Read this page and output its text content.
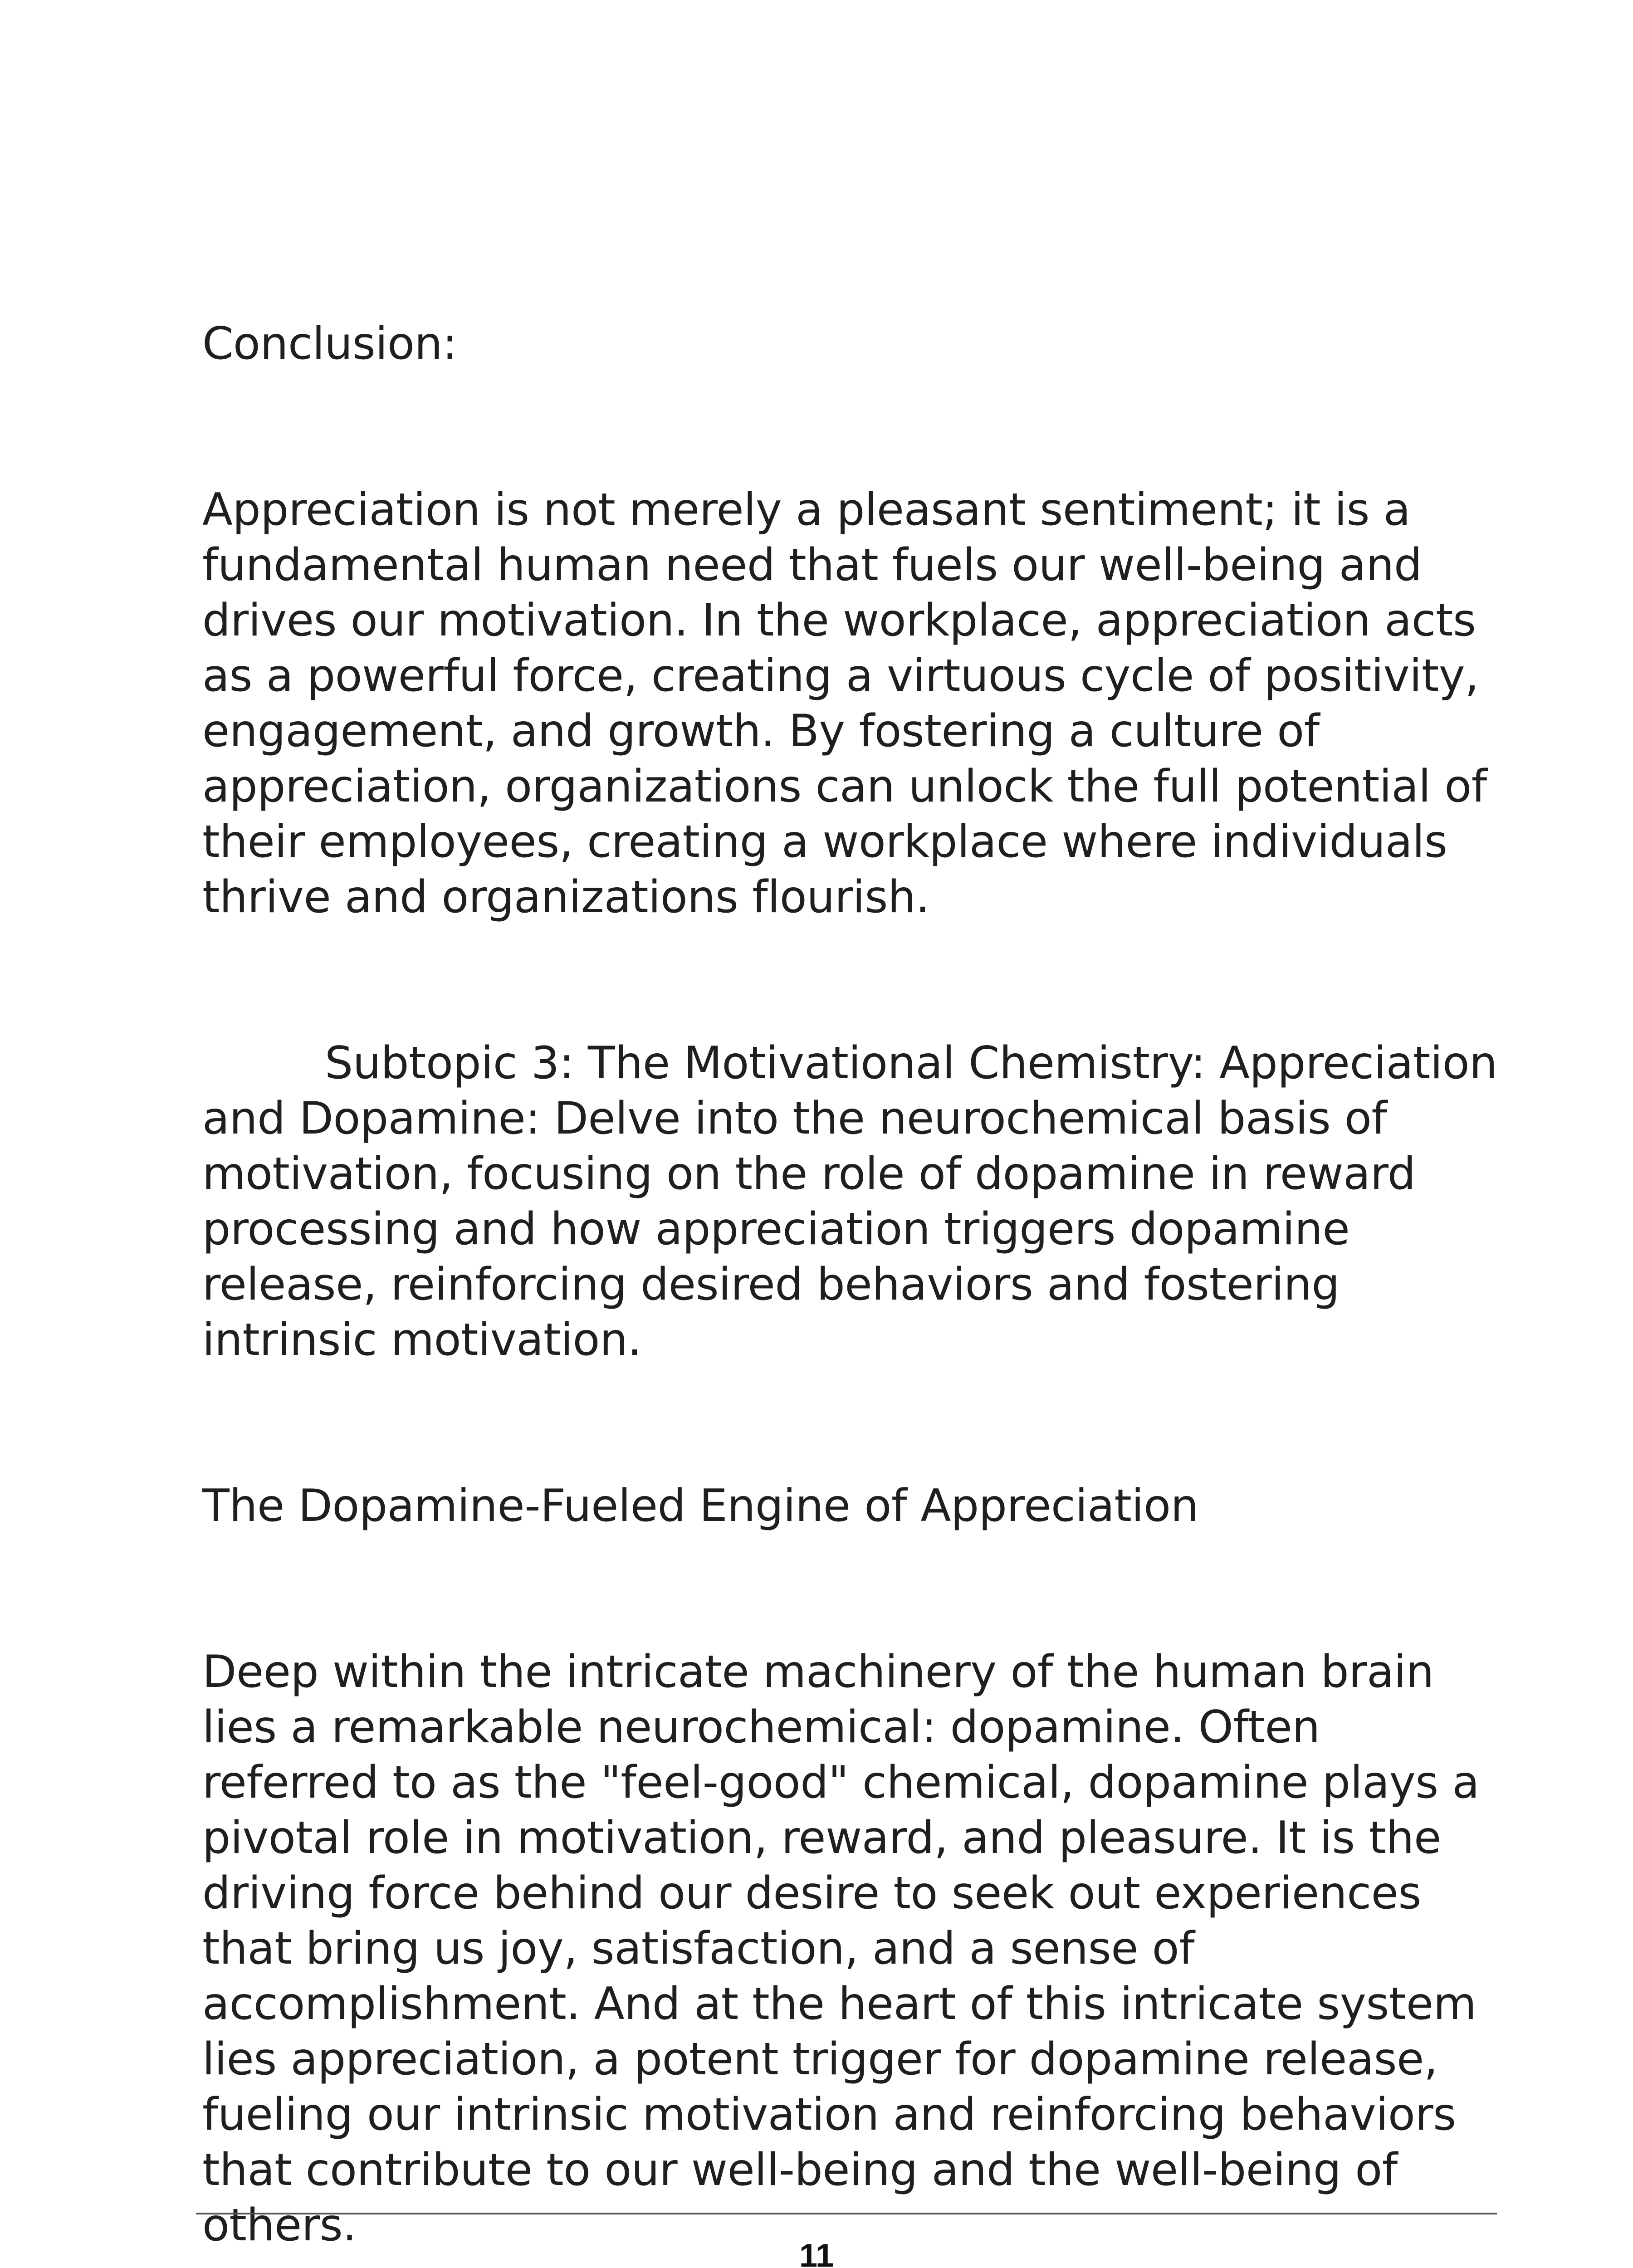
Conclusion:

Appreciation is not merely a pleasant sentiment; it is a
fundamental human need that fuels our well-being and
drives our motivation. In the workplace, appreciation acts
as a powerful force, creating a virtuous cycle of positivity,
engagement, and growth. By fostering a culture of
appreciation, organizations can unlock the full potential of
their employees, creating a workplace where individuals
thrive and organizations flourish.

Subtopic 3: The Motivational Chemistry: Appreciation
and Dopamine: Delve into the neurochemical basis of
motivation, focusing on the role of dopamine in reward
processing and how appreciation triggers dopamine
release, reinforcing desired behaviors and fostering
intrinsic motivation.

The Dopamine-Fueled Engine of Appreciation

Deep within the intricate machinery of the human brain
lies a remarkable neurochemical: dopamine. Often
referred to as the "feel-good" chemical, dopamine plays a
pivotal role in motivation, reward, and pleasure. It is the
driving force behind our desire to seek out experiences
that bring us joy, satisfaction, and a sense of
accomplishment. And at the heart of this intricate system
lies appreciation, a potent trigger for dopamine release,
fueling our intrinsic motivation and reinforcing behaviors
that contribute to our well-being and the well-being of
others.

11
